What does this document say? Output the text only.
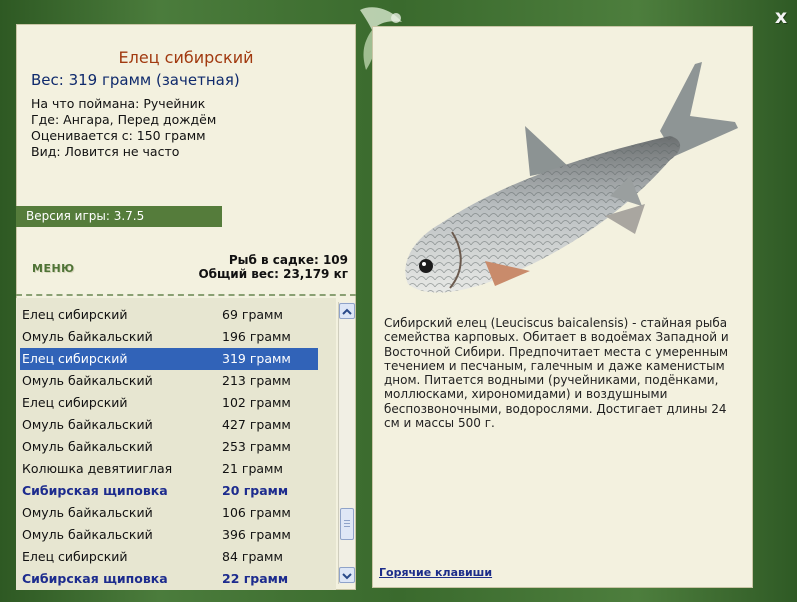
x
Елец сибирский
Вес: 319 грамм (зачетная)
На что поймана: Ручейник
Где: Ангара, Перед дождём
Оценивается с: 150 грамм
Вид: Ловится не часто
Версия игры: 3.7.5
МЕНЮ
Рыб в садке: 109
Общий вес: 23,179 кг
Елец сибирский	69 грамм
Омуль байкальский	196 грамм
Елец сибирский	319 грамм
Омуль байкальский	213 грамм
Елец сибирский	102 грамм
Омуль байкальский	427 грамм
Омуль байкальский	253 грамм
Колюшка девятииглая	21 грамм
Сибирская щиповка	20 грамм
Омуль байкальский	106 грамм
Омуль байкальский	396 грамм
Елец сибирский	84 грамм
Сибирская щиповка	22 грамм
Сибирский елец (Leuciscus baicalensis) - стайная рыба семейства карповых. Обитает в водоёмах Западной и Восточной Сибири. Предпочитает места с умеренным течением и песчаным, галечным и даже каменистым дном. Питается водными (ручейниками, подёнками, моллюсками, хирономидами) и воздушными беспозвоночными, водорослями. Достигает длины 24 см и массы 500 г.
Горячие клавиши
